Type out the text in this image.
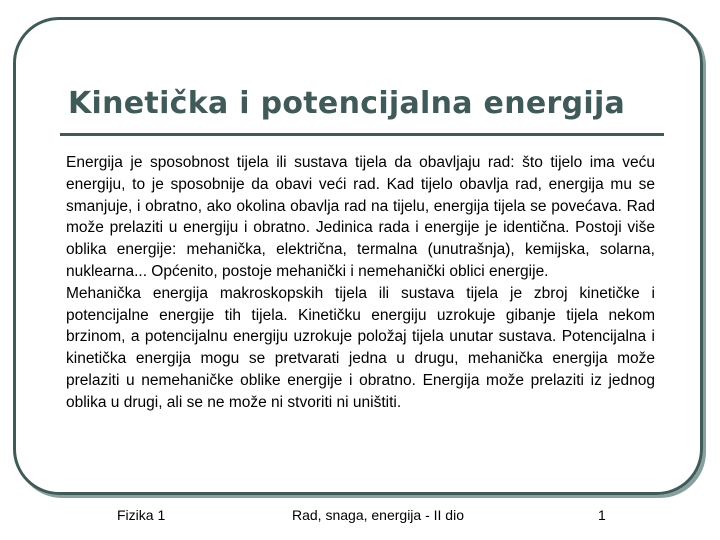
Kinetička i potencijalna energija

Energija je sposobnost tijela ili sustava tijela da obavljaju rad: što tijelo ima veću energiju, to je sposobnije da obavi veći rad. Kad tijelo obavlja rad, energija mu se smanjuje, i obratno, ako okolina obavlja rad na tijelu, energija tijela se povećava. Rad može prelaziti u energiju i obratno. Jedinica rada i energije je identična. Postoji više oblika energije: mehanička, električna, termalna (unutrašnja), kemijska, solarna, nuklearna... Općenito, postoje mehanički i nemehanički oblici energije.

Mehanička energija makroskopskih tijela ili sustava tijela je zbroj kinetičke i potencijalne energije tih tijela. Kinetičku energiju uzrokuje gibanje tijela nekom brzinom, a potencijalnu energiju uzrokuje položaj tijela unutar sustava. Potencijalna i kinetička energija mogu se pretvarati jedna u drugu, mehanička energija može prelaziti u nemehaničke oblike energije i obratno. Energija može prelaziti iz jednog oblika u drugi, ali se ne može ni stvoriti ni uništiti.

Fizika 1	Rad, snaga, energija - II dio	1
